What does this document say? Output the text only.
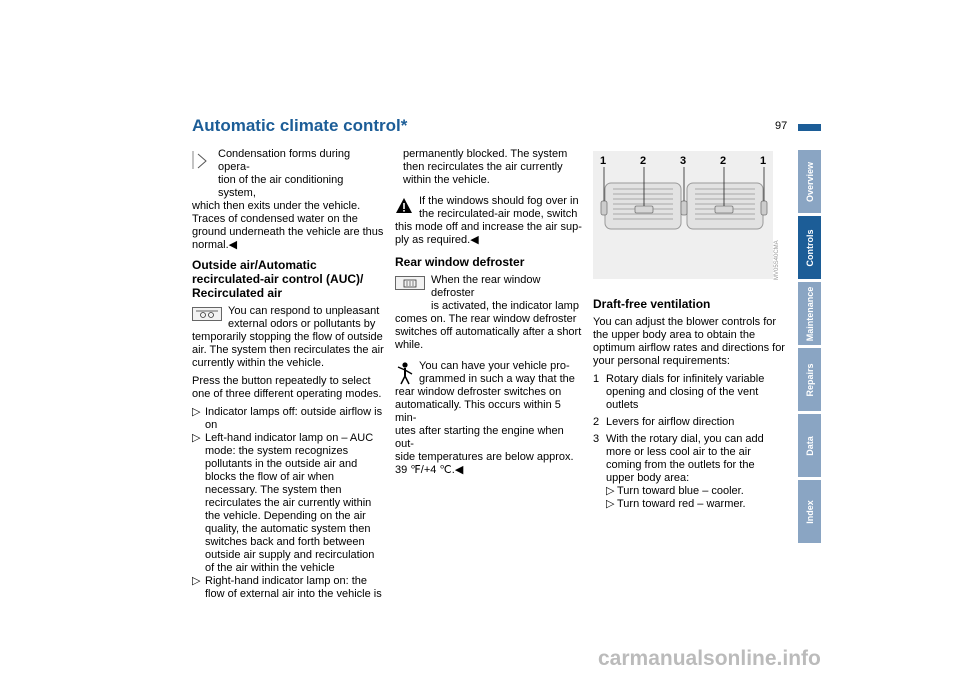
Automatic climate control*	97
Condensation forms during opera-
tion of the air conditioning system,
which then exits under the vehicle.
Traces of condensed water on the
ground underneath the vehicle are thus
normal.◀
Outside air/Automatic recirculated-air control (AUC)/ Recirculated air
You can respond to unpleasant
external odors or pollutants by
temporarily stopping the flow of outside
air. The system then recirculates the air
currently within the vehicle.

Press the button repeatedly to select one of three different operating modes.

▷ Indicator lamps off: outside airflow is on
▷ Left-hand indicator lamp on – AUC mode: the system recognizes pollutants in the outside air and blocks the flow of air when necessary. The system then recirculates the air currently within the vehicle. Depending on the air quality, the automatic system then switches back and forth between outside air supply and recirculation of the air within the vehicle
▷ Right-hand indicator lamp on: the flow of external air into the vehicle is

permanently blocked. The system then recirculates the air currently within the vehicle.

If the windows should fog over in
the recirculated-air mode, switch
this mode off and increase the air sup-
ply as required.◀
Rear window defroster
When the rear window defroster
is activated, the indicator lamp
comes on. The rear window defroster
switches off automatically after a short
while.
You can have your vehicle pro-
grammed in such a way that the
rear window defroster switches on
automatically. This occurs within 5 min-
utes after starting the engine when out-
side temperatures are below approx.
39 ℉/+4 ℃.◀
1	2	3	2	1
MV05S40CMA
Draft-free ventilation

You can adjust the blower controls for the upper body area to obtain the optimum airflow rates and directions for your personal requirements:

1 Rotary dials for infinitely variable opening and closing of the vent outlets
2 Levers for airflow direction
3 With the rotary dial, you can add more or less cool air to the air coming from the outlets for the upper body area:
▷ Turn toward blue – cooler.
▷ Turn toward red – warmer.
Overview
Controls
Maintenance
Repairs
Data
Index
carmanualsonline.info
